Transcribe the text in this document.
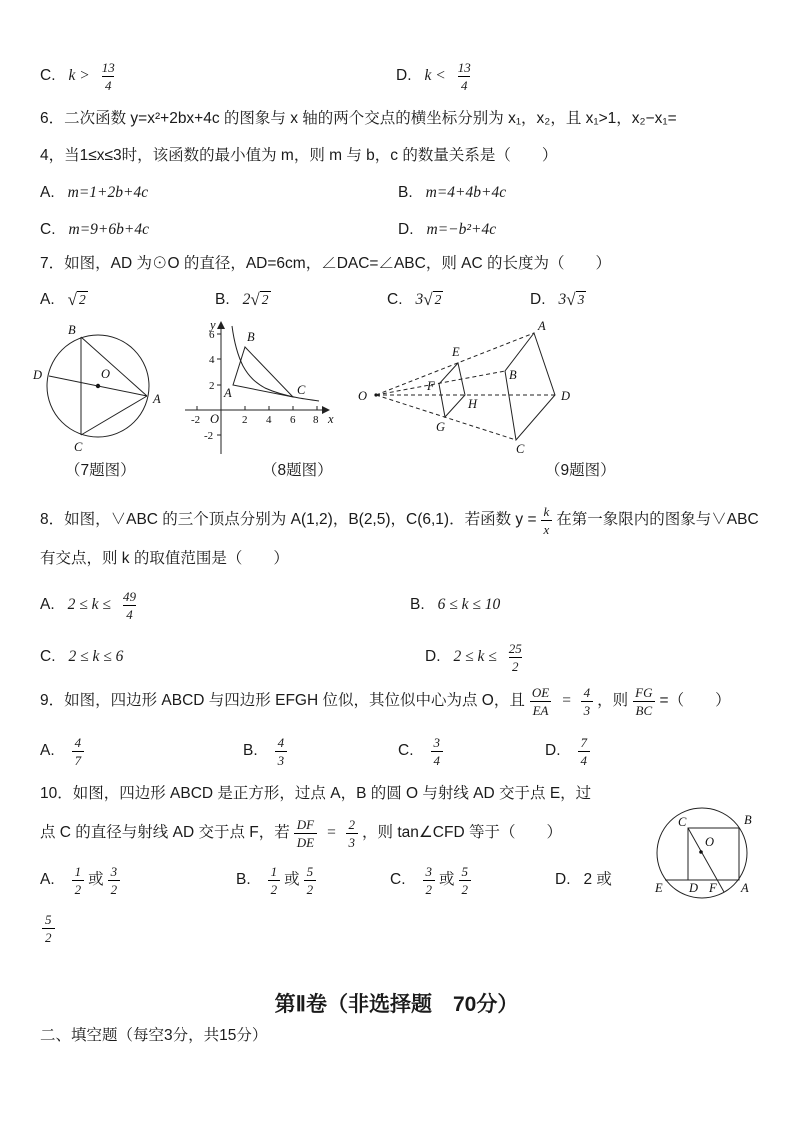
C. $k > \frac{13}{4}$	D. $k < \frac{13}{4}$
6．二次函数 y=x²+2bx+4c 的图象与 x 轴的两个交点的横坐标分别为 x₁，x₂，且 x₁>1，x₂−x₁=
4，当1≤x≤3时，该函数的最小值为 m，则 m 与 b，c 的数量关系是（　　）
A. m=1+2b+4c	B. m=4+4b+4c
C. m=9+6b+4c	D. m=−b²+4c
7．如图，AD 为⊙O 的直径，AD=6cm，∠DAC=∠ABC，则 AC 的长度为（　　）
A. √ 2	B. 2 √ 2	C. 3 √ 2	D. 3 √ 3
B
D	O
A
C
-2	2 4 6 8
6
4
2
-2
O	x
y
A
B
C	O
E
F
H
G
A
B
D
C
（7题图）	（8题图）	（9题图）
8．如图，∨ABC 的三个顶点分别为 A(1,2)，B(2,5)，C(6,1)．若函数 $y = \frac{k}{x}$ 在第一象限内的图象与∨ABC
有交点，则 k 的取值范围是（　　）
A. $2 \le k \le \frac{49}{4}$	B. 6 ≤ k ≤ 10
C. 2 ≤ k ≤ 6	D. $2 \le k \le \frac{25}{2}$
9．如图，四边形 ABCD 与四边形 EFGH 位似，其位似中心为点 O，且 $\frac{OE}{EA} = \frac{4}{3}$ ，则 $\frac{FG}{BC}$ =（　　）
A. $\frac{4}{7}$	B. $\frac{4}{3}$	C. $\frac{3}{4}$	D. $\frac{7}{4}$
10．如图，四边形 ABCD 是正方形，过点 A，B 的圆 O 与射线 AD 交于点 E，过
点 C 的直径与射线 AD 交于点 F，若 $\frac{DF}{DE} = \frac{2}{3}$ ，则 tan∠CFD 等于（　　）
A. $\frac{1}{2}$ 或 $\frac{3}{2}$	B. $\frac{1}{2}$ 或 $\frac{5}{2}$	C. $\frac{3}{2}$ 或 $\frac{5}{2}$	D. 2 或
$\frac{5}{2}$
C	B
O
E D F A
第Ⅱ卷（非选择题　70分）
二、填空题（每空3分，共15分）
